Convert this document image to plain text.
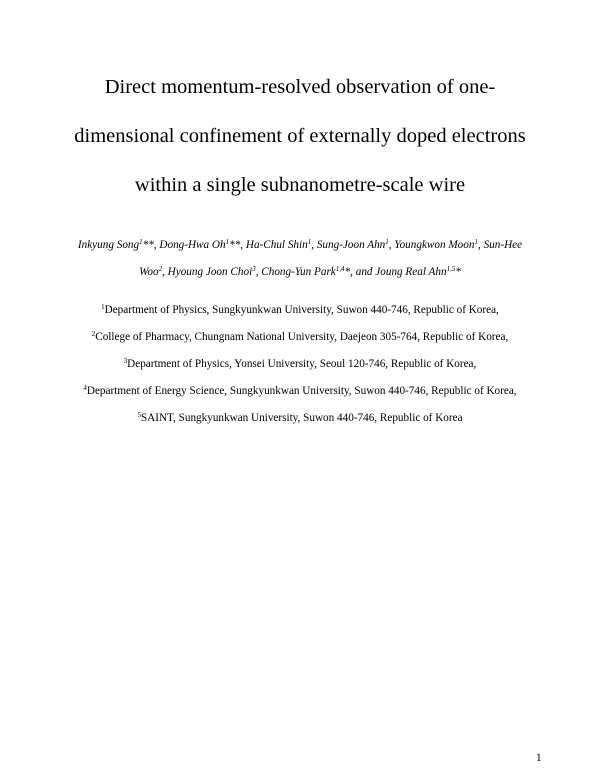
Direct momentum-resolved observation of one-
dimensional confinement of externally doped electrons
within a single subnanometre-scale wire
Inkyung Song$^1$**, Dong-Hwa Oh$^1$**, Ha-Chul Shin$^1$, Sung-Joon Ahn$^1$, Youngkwon Moon$^1$, Sun-Hee
Woo$^2$, Hyoung Joon Choi$^3$, Chong-Yun Park$^{1,4}$*, and Joung Real Ahn$^{1,5}$*
$^1$Department of Physics, Sungkyunkwan University, Suwon 440-746, Republic of Korea,
$^2$College of Pharmacy, Chungnam National University, Daejeon 305-764, Republic of Korea,
$^3$Department of Physics, Yonsei University, Seoul 120-746, Republic of Korea,
$^4$Department of Energy Science, Sungkyunkwan University, Suwon 440-746, Republic of Korea,
$^5$SAINT, Sungkyunkwan University, Suwon 440-746, Republic of Korea
1
